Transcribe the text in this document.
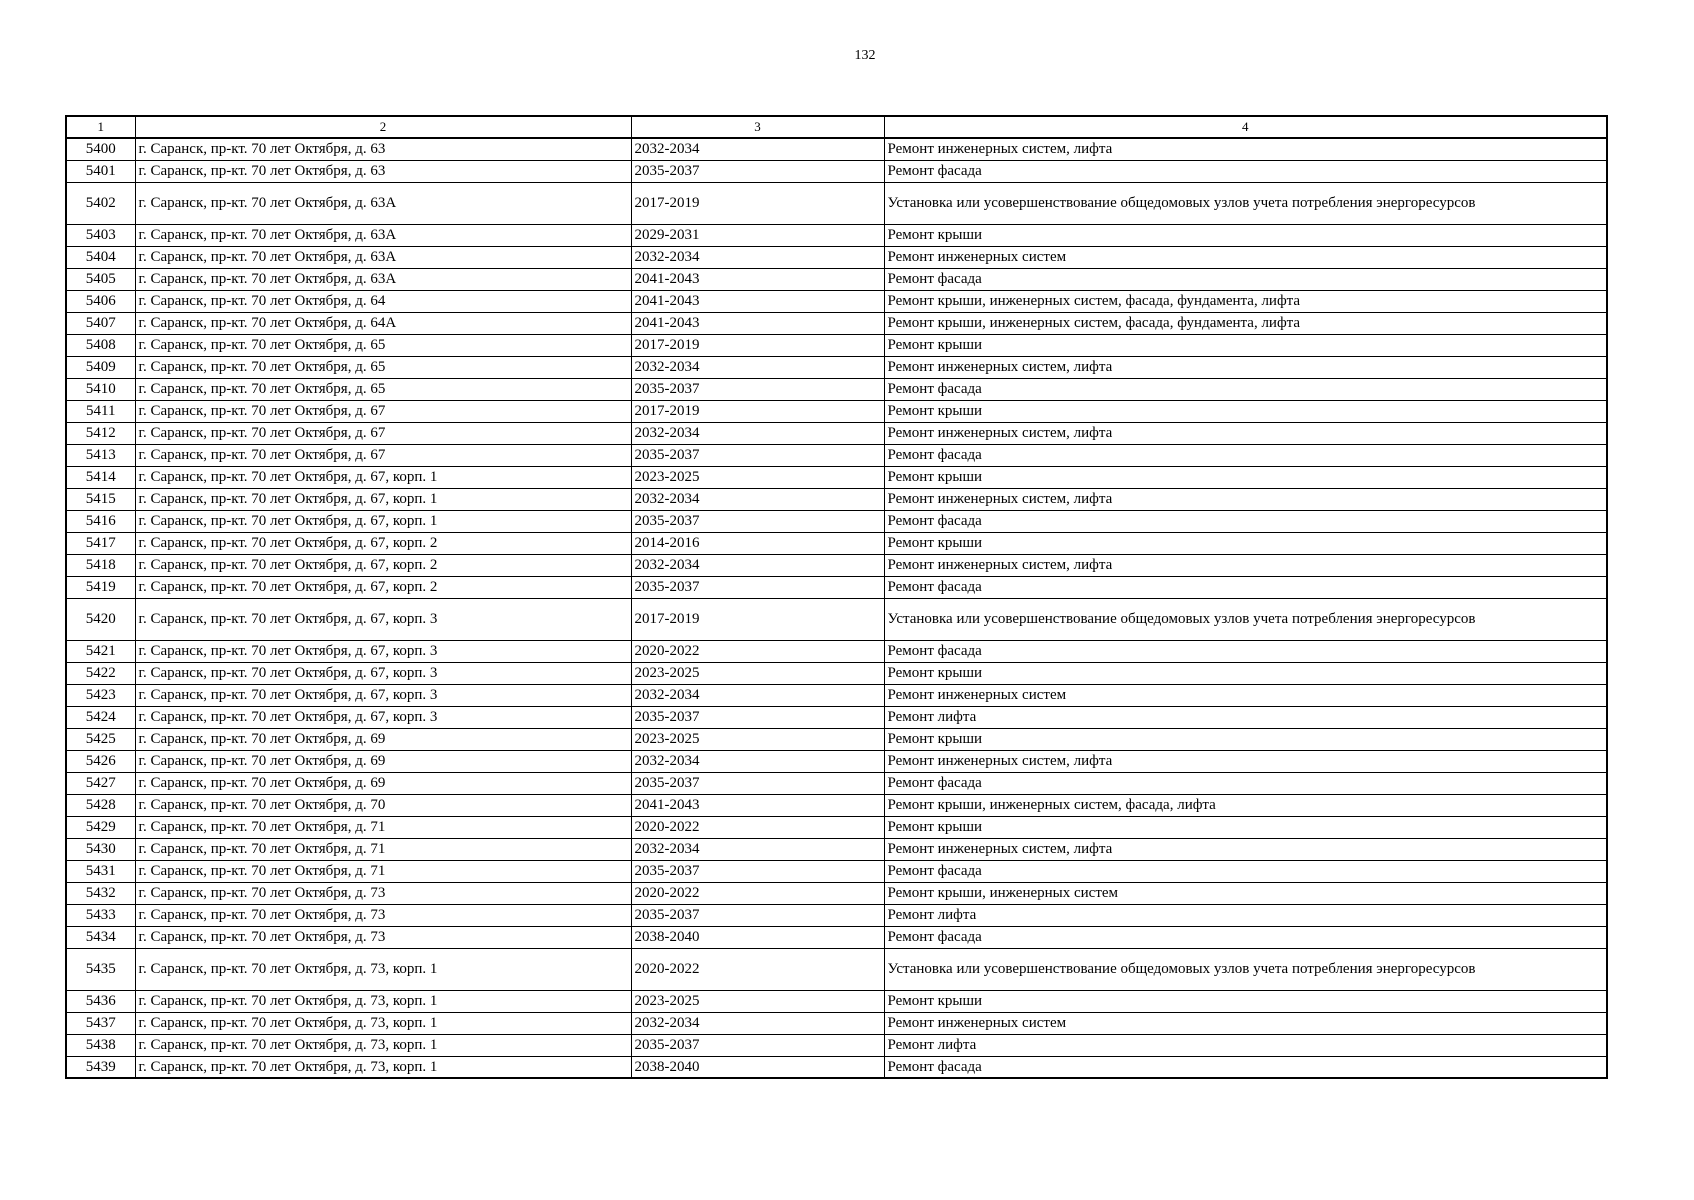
132
1	2	3	4
5400	г. Саранск, пр-кт. 70 лет Октября, д. 63	2032-2034	Ремонт инженерных систем, лифта
5401	г. Саранск, пр-кт. 70 лет Октября, д. 63	2035-2037	Ремонт фасада
5402	г. Саранск, пр-кт. 70 лет Октября, д. 63А	2017-2019	Установка или усовершенствование общедомовых узлов учета потребления энергоресурсов
5403	г. Саранск, пр-кт. 70 лет Октября, д. 63А	2029-2031	Ремонт крыши
5404	г. Саранск, пр-кт. 70 лет Октября, д. 63А	2032-2034	Ремонт инженерных систем
5405	г. Саранск, пр-кт. 70 лет Октября, д. 63А	2041-2043	Ремонт фасада
5406	г. Саранск, пр-кт. 70 лет Октября, д. 64	2041-2043	Ремонт крыши, инженерных систем, фасада, фундамента, лифта
5407	г. Саранск, пр-кт. 70 лет Октября, д. 64А	2041-2043	Ремонт крыши, инженерных систем, фасада, фундамента, лифта
5408	г. Саранск, пр-кт. 70 лет Октября, д. 65	2017-2019	Ремонт крыши
5409	г. Саранск, пр-кт. 70 лет Октября, д. 65	2032-2034	Ремонт инженерных систем, лифта
5410	г. Саранск, пр-кт. 70 лет Октября, д. 65	2035-2037	Ремонт фасада
5411	г. Саранск, пр-кт. 70 лет Октября, д. 67	2017-2019	Ремонт крыши
5412	г. Саранск, пр-кт. 70 лет Октября, д. 67	2032-2034	Ремонт инженерных систем, лифта
5413	г. Саранск, пр-кт. 70 лет Октября, д. 67	2035-2037	Ремонт фасада
5414	г. Саранск, пр-кт. 70 лет Октября, д. 67, корп. 1	2023-2025	Ремонт крыши
5415	г. Саранск, пр-кт. 70 лет Октября, д. 67, корп. 1	2032-2034	Ремонт инженерных систем, лифта
5416	г. Саранск, пр-кт. 70 лет Октября, д. 67, корп. 1	2035-2037	Ремонт фасада
5417	г. Саранск, пр-кт. 70 лет Октября, д. 67, корп. 2	2014-2016	Ремонт крыши
5418	г. Саранск, пр-кт. 70 лет Октября, д. 67, корп. 2	2032-2034	Ремонт инженерных систем, лифта
5419	г. Саранск, пр-кт. 70 лет Октября, д. 67, корп. 2	2035-2037	Ремонт фасада
5420	г. Саранск, пр-кт. 70 лет Октября, д. 67, корп. 3	2017-2019	Установка или усовершенствование общедомовых узлов учета потребления энергоресурсов
5421	г. Саранск, пр-кт. 70 лет Октября, д. 67, корп. 3	2020-2022	Ремонт фасада
5422	г. Саранск, пр-кт. 70 лет Октября, д. 67, корп. 3	2023-2025	Ремонт крыши
5423	г. Саранск, пр-кт. 70 лет Октября, д. 67, корп. 3	2032-2034	Ремонт инженерных систем
5424	г. Саранск, пр-кт. 70 лет Октября, д. 67, корп. 3	2035-2037	Ремонт лифта
5425	г. Саранск, пр-кт. 70 лет Октября, д. 69	2023-2025	Ремонт крыши
5426	г. Саранск, пр-кт. 70 лет Октября, д. 69	2032-2034	Ремонт инженерных систем, лифта
5427	г. Саранск, пр-кт. 70 лет Октября, д. 69	2035-2037	Ремонт фасада
5428	г. Саранск, пр-кт. 70 лет Октября, д. 70	2041-2043	Ремонт крыши, инженерных систем, фасада, лифта
5429	г. Саранск, пр-кт. 70 лет Октября, д. 71	2020-2022	Ремонт крыши
5430	г. Саранск, пр-кт. 70 лет Октября, д. 71	2032-2034	Ремонт инженерных систем, лифта
5431	г. Саранск, пр-кт. 70 лет Октября, д. 71	2035-2037	Ремонт фасада
5432	г. Саранск, пр-кт. 70 лет Октября, д. 73	2020-2022	Ремонт крыши, инженерных систем
5433	г. Саранск, пр-кт. 70 лет Октября, д. 73	2035-2037	Ремонт лифта
5434	г. Саранск, пр-кт. 70 лет Октября, д. 73	2038-2040	Ремонт фасада
5435	г. Саранск, пр-кт. 70 лет Октября, д. 73, корп. 1	2020-2022	Установка или усовершенствование общедомовых узлов учета потребления энергоресурсов
5436	г. Саранск, пр-кт. 70 лет Октября, д. 73, корп. 1	2023-2025	Ремонт крыши
5437	г. Саранск, пр-кт. 70 лет Октября, д. 73, корп. 1	2032-2034	Ремонт инженерных систем
5438	г. Саранск, пр-кт. 70 лет Октября, д. 73, корп. 1	2035-2037	Ремонт лифта
5439	г. Саранск, пр-кт. 70 лет Октября, д. 73, корп. 1	2038-2040	Ремонт фасада
